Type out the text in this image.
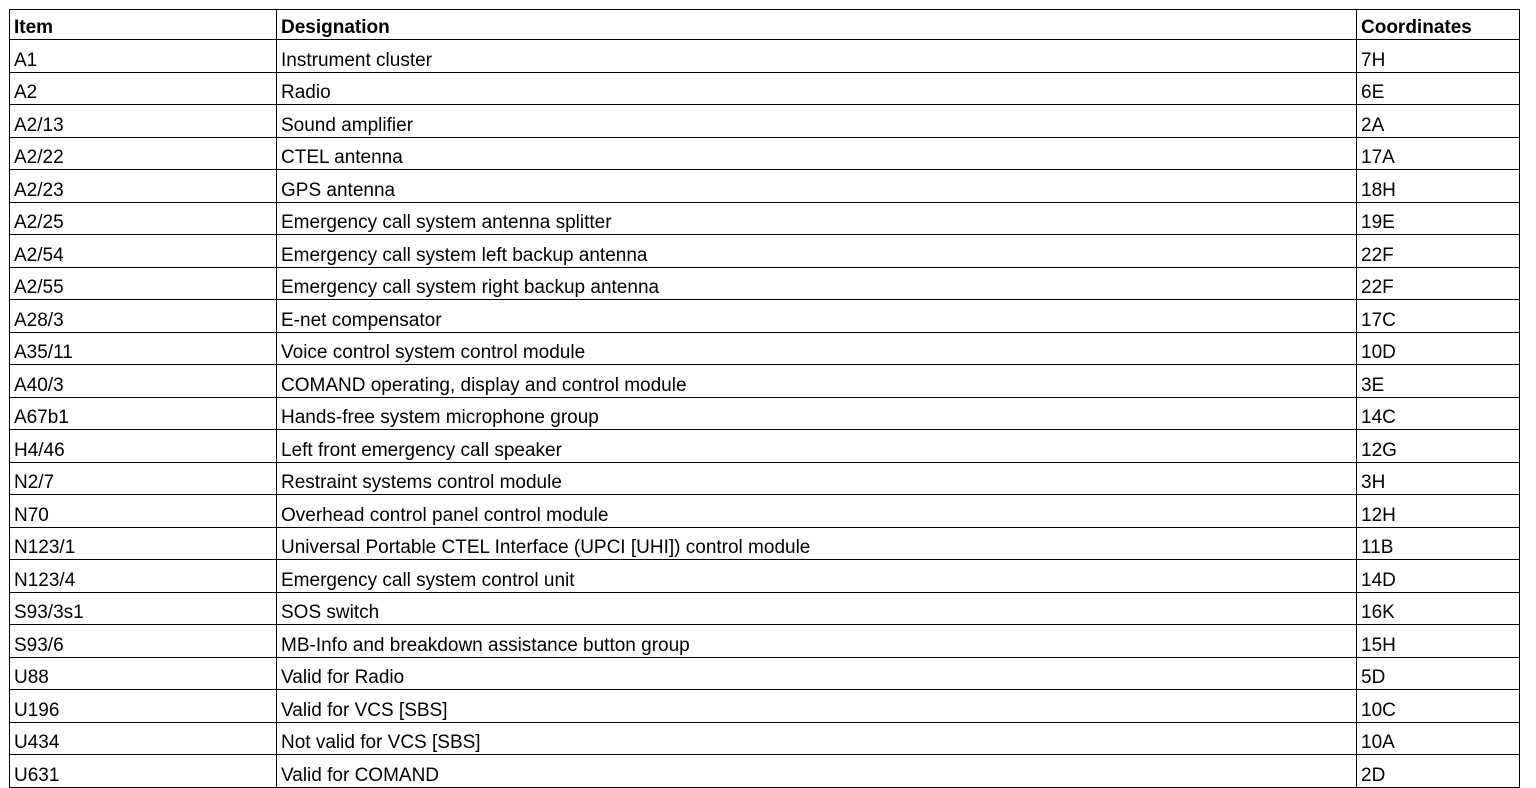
Item	Designation	Coordinates
A1	Instrument cluster	7H
A2	Radio	6E
A2/13	Sound amplifier	2A
A2/22	CTEL antenna	17A
A2/23	GPS antenna	18H
A2/25	Emergency call system antenna splitter	19E
A2/54	Emergency call system left backup antenna	22F
A2/55	Emergency call system right backup antenna	22F
A28/3	E-net compensator	17C
A35/11	Voice control system control module	10D
A40/3	COMAND operating, display and control module	3E
A67b1	Hands-free system microphone group	14C
H4/46	Left front emergency call speaker	12G
N2/7	Restraint systems control module	3H
N70	Overhead control panel control module	12H
N123/1	Universal Portable CTEL Interface (UPCI [UHI]) control module	11B
N123/4	Emergency call system control unit	14D
S93/3s1	SOS switch	16K
S93/6	MB-Info and breakdown assistance button group	15H
U88	Valid for Radio	5D
U196	Valid for VCS [SBS]	10C
U434	Not valid for VCS [SBS]	10A
U631	Valid for COMAND	2D
